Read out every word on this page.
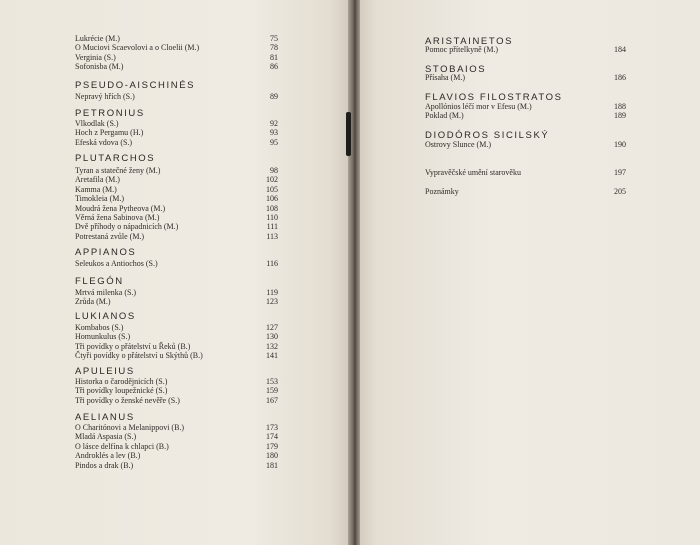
Lukrécie (M.)	75
O Muciovi Scaevolovi a o Cloelii (M.)	78
Verginia (S.)	81
Sofonisba (M.)	86
PSEUDO-AISCHINÉS
Nepravý hřích (S.)	89
PETRONIUS
Vlkodlak (S.)	92
Hoch z Pergamu (H.)	93
Efeská vdova (S.)	95
PLUTARCHOS
Tyran a statečné ženy (M.)	98
Aretafila (M.)	102
Kamma (M.)	105
Timokleia (M.)	106
Moudrá žena Pytheova (M.)	108
Věrná žena Sabinova (M.)	110
Dvě příhody o nápadnicích (M.)	111
Potrestaná zvůle (M.)	113
APPIANOS
Seleukos a Antiochos (S.)	116
FLEGÓN
Mrtvá milenka (S.)	119
Zrůda (M.)	123
LUKIANOS
Kombabos (S.)	127
Homunkulus (S.)	130
Tři povídky o přátelství u Řeků (B.)	132
Čtyři povídky o přátelství u Skýthů (B.)	141
APULEIUS
Historka o čarodějnicích (S.)	153
Tři povídky loupežnické (S.)	159
Tři povídky o ženské nevěře (S.)	167
AELIANUS
O Charitónovi a Melanippovi (B.)	173
Mladá Aspasia (S.)	174
O lásce delfína k chlapci (B.)	179
Androklés a lev (B.)	180
Pindos a drak (B.)	181
ARISTAINETOS
Pomoc přítelkyně (M.)	184
STOBAIOS
Přísaha (M.)	186
FLAVIOS FILOSTRATOS
Apollónios léčí mor v Efesu (M.)	188
Poklad (M.)	189
DIODÓROS SICILSKÝ
Ostrovy Slunce (M.)	190
Vypravěčské umění starověku	197
Poznámky	205
